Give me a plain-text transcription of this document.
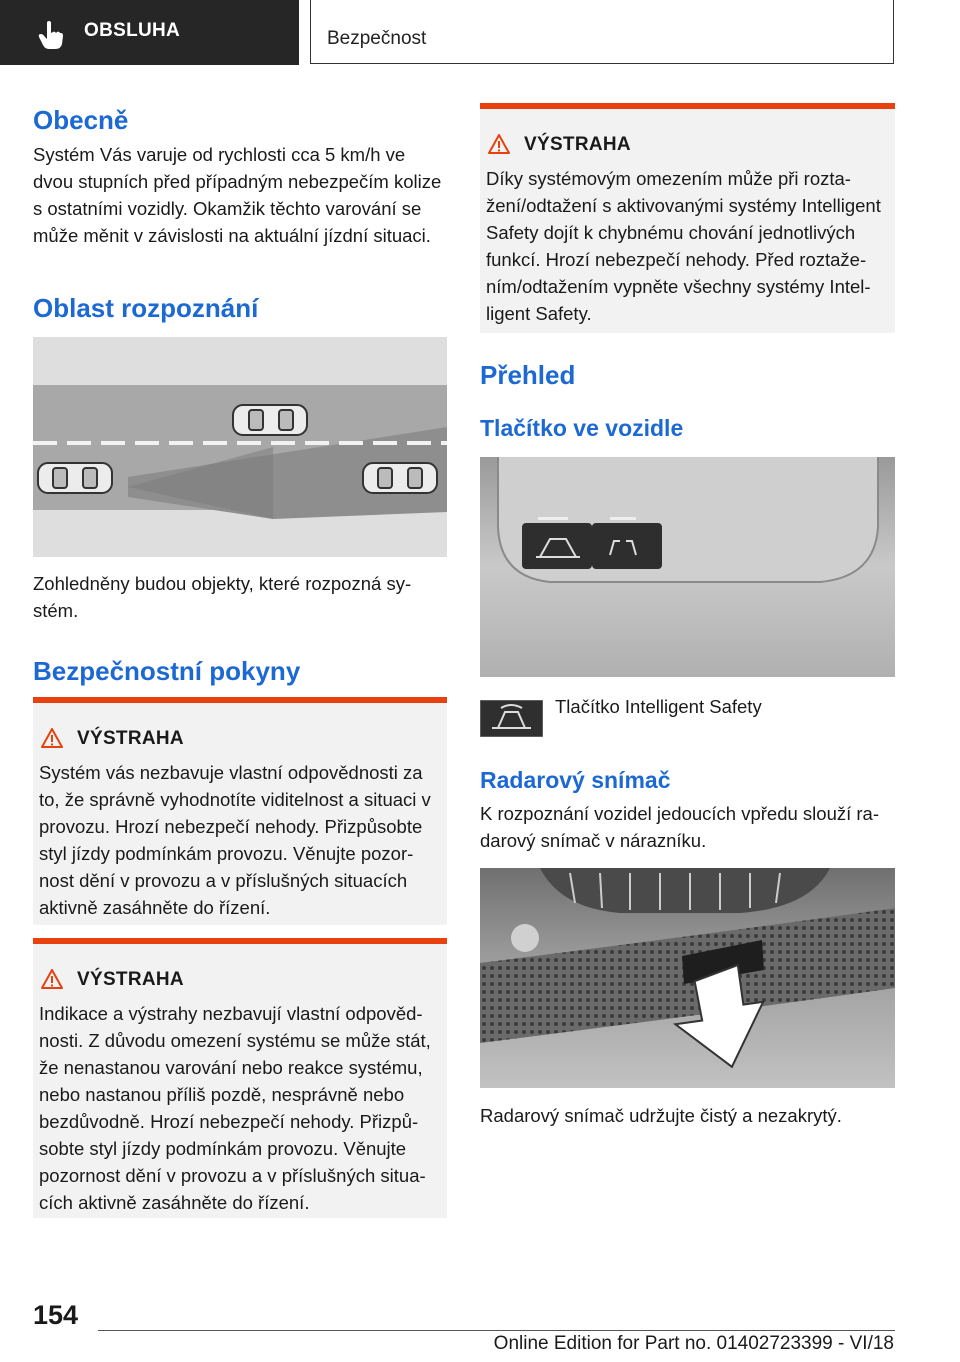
OBSLUHA	Bezpečnost
Obecně

Systém Vás varuje od rychlosti cca 5 km/h ve dvou stupních před případným nebezpečím kolize s ostatními vozidly. Okamžik těchto varování se může měnit v závislosti na aktuální jízdní situaci.

Oblast rozpoznání

Zohledněny budou objekty, které rozpozná systém.

Bezpečnostní pokyny
VÝSTRAHA

Systém vás nezbavuje vlastní odpovědnosti za to, že správně vyhodnotíte viditelnost a situaci v provozu. Hrozí nebezpečí nehody. Přizpůsobte styl jízdy podmínkám provozu. Věnujte pozornost dění v provozu a v příslušných situacích aktivně zasáhněte do řízení.

VÝSTRAHA

Indikace a výstrahy nezbavují vlastní odpovědnosti. Z důvodu omezení systému se může stát, že nenastanou varování nebo reakce systému, nebo nastanou příliš pozdě, nesprávně nebo bezdůvodně. Hrozí nebezpečí nehody. Přizpůsobte styl jízdy podmínkám provozu. Věnujte pozornost dění v provozu a v příslušných situacích aktivně zasáhněte do řízení.

VÝSTRAHA

Díky systémovým omezením může při roztažení/odtažení s aktivovanými systémy Intelligent Safety dojít k chybnému chování jednotlivých funkcí. Hrozí nebezpečí nehody. Před roztažením/odtažením vypněte všechny systémy Intelligent Safety.

Přehled
Tlačítko ve vozidle
Tlačítko Intelligent Safety
Radarový snímač

K rozpoznání vozidel jedoucích vpředu slouží radarový snímač v nárazníku.

Radarový snímač udržujte čistý a nezakrytý.

154
Online Edition for Part no. 01402723399 - VI/18
